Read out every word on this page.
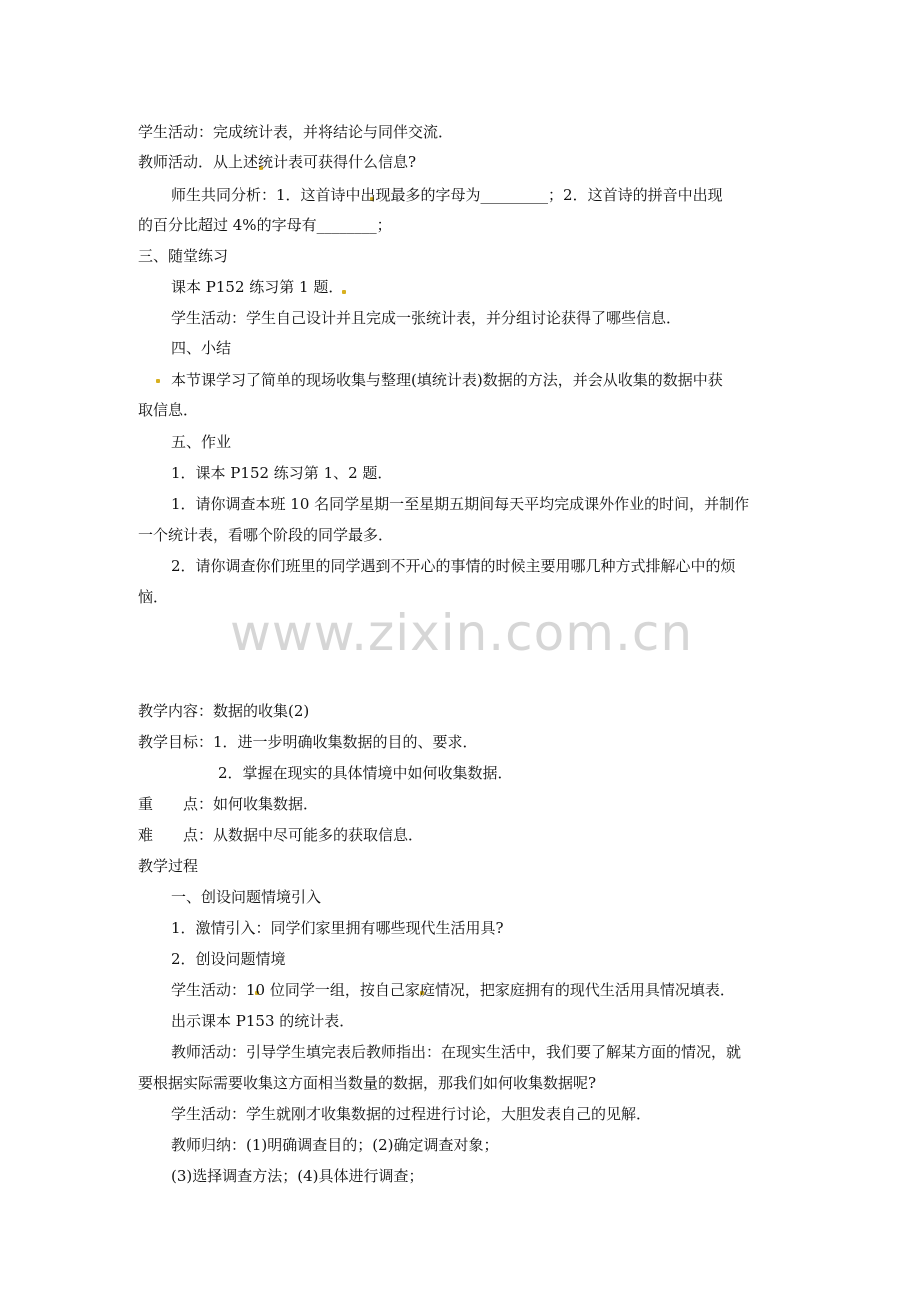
www.zixin.com.cn
学生活动：完成统计表，并将结论与同伴交流．
教师活动．从上述统计表可获得什么信息?
师生共同分析：1．这首诗中出现最多的字母为_________；2．这首诗的拼音中出现
的百分比超过 4%的字母有________；
三、随堂练习
课本 P152 练习第 1 题．
学生活动：学生自己设计并且完成一张统计表，并分组讨论获得了哪些信息．
四、小结
本节课学习了简单的现场收集与整理(填统计表)数据的方法，并会从收集的数据中获
取信息．
五、作业
1．课本 P152 练习第 1、2 题．
1．请你调查本班 10 名同学星期一至星期五期间每天平均完成课外作业的时间，并制作
一个统计表，看哪个阶段的同学最多．
2．请你调查你们班里的同学遇到不开心的事情的时候主要用哪几种方式排解心中的烦
恼．
教学内容：数据的收集(2)
教学目标：1．进一步明确收集数据的目的、要求．
2．掌握在现实的具体情境中如何收集数据．
重　　点：如何收集数据．
难　　点：从数据中尽可能多的获取信息．
教学过程
一、创设问题情境引入
1．激情引入：同学们家里拥有哪些现代生活用具?
2．创设问题情境
学生活动：10 位同学一组，按自己家庭情况，把家庭拥有的现代生活用具情况填表．
出示课本 P153 的统计表．
教师活动：引导学生填完表后教师指出：在现实生活中，我们要了解某方面的情况，就
要根据实际需要收集这方面相当数量的数据，那我们如何收集数据呢?
学生活动：学生就刚才收集数据的过程进行讨论，大胆发表自己的见解．
教师归纳：(1)明确调查目的；(2)确定调查对象；
(3)选择调查方法；(4)具体进行调查；
